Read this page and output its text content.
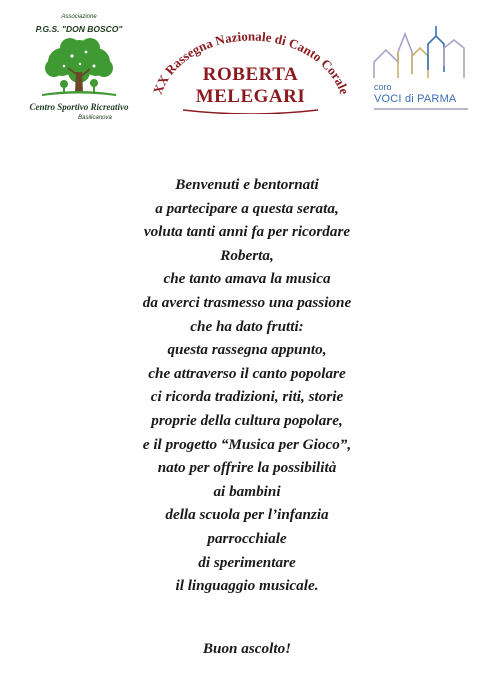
Associazione
P.G.S. "DON BOSCO"
Centro Sportivo Ricreativo
Basilicanova
XX Rassegna Nazionale di Canto Corale
ROBERTA
MELEGARI	coro
VOCI di PARMA
Benvenuti e bentornati
a partecipare a questa serata,
voluta tanti anni fa per ricordare
Roberta,
che tanto amava la musica
da averci trasmesso una passione
che ha dato frutti:
questa rassegna appunto,
che attraverso il canto popolare
ci ricorda tradizioni, riti, storie
proprie della cultura popolare,
e il progetto “Musica per Gioco”,
nato per offrire la possibilità
ai bambini
della scuola per l’infanzia
parrocchiale
di sperimentare
il linguaggio musicale.
Buon ascolto!
